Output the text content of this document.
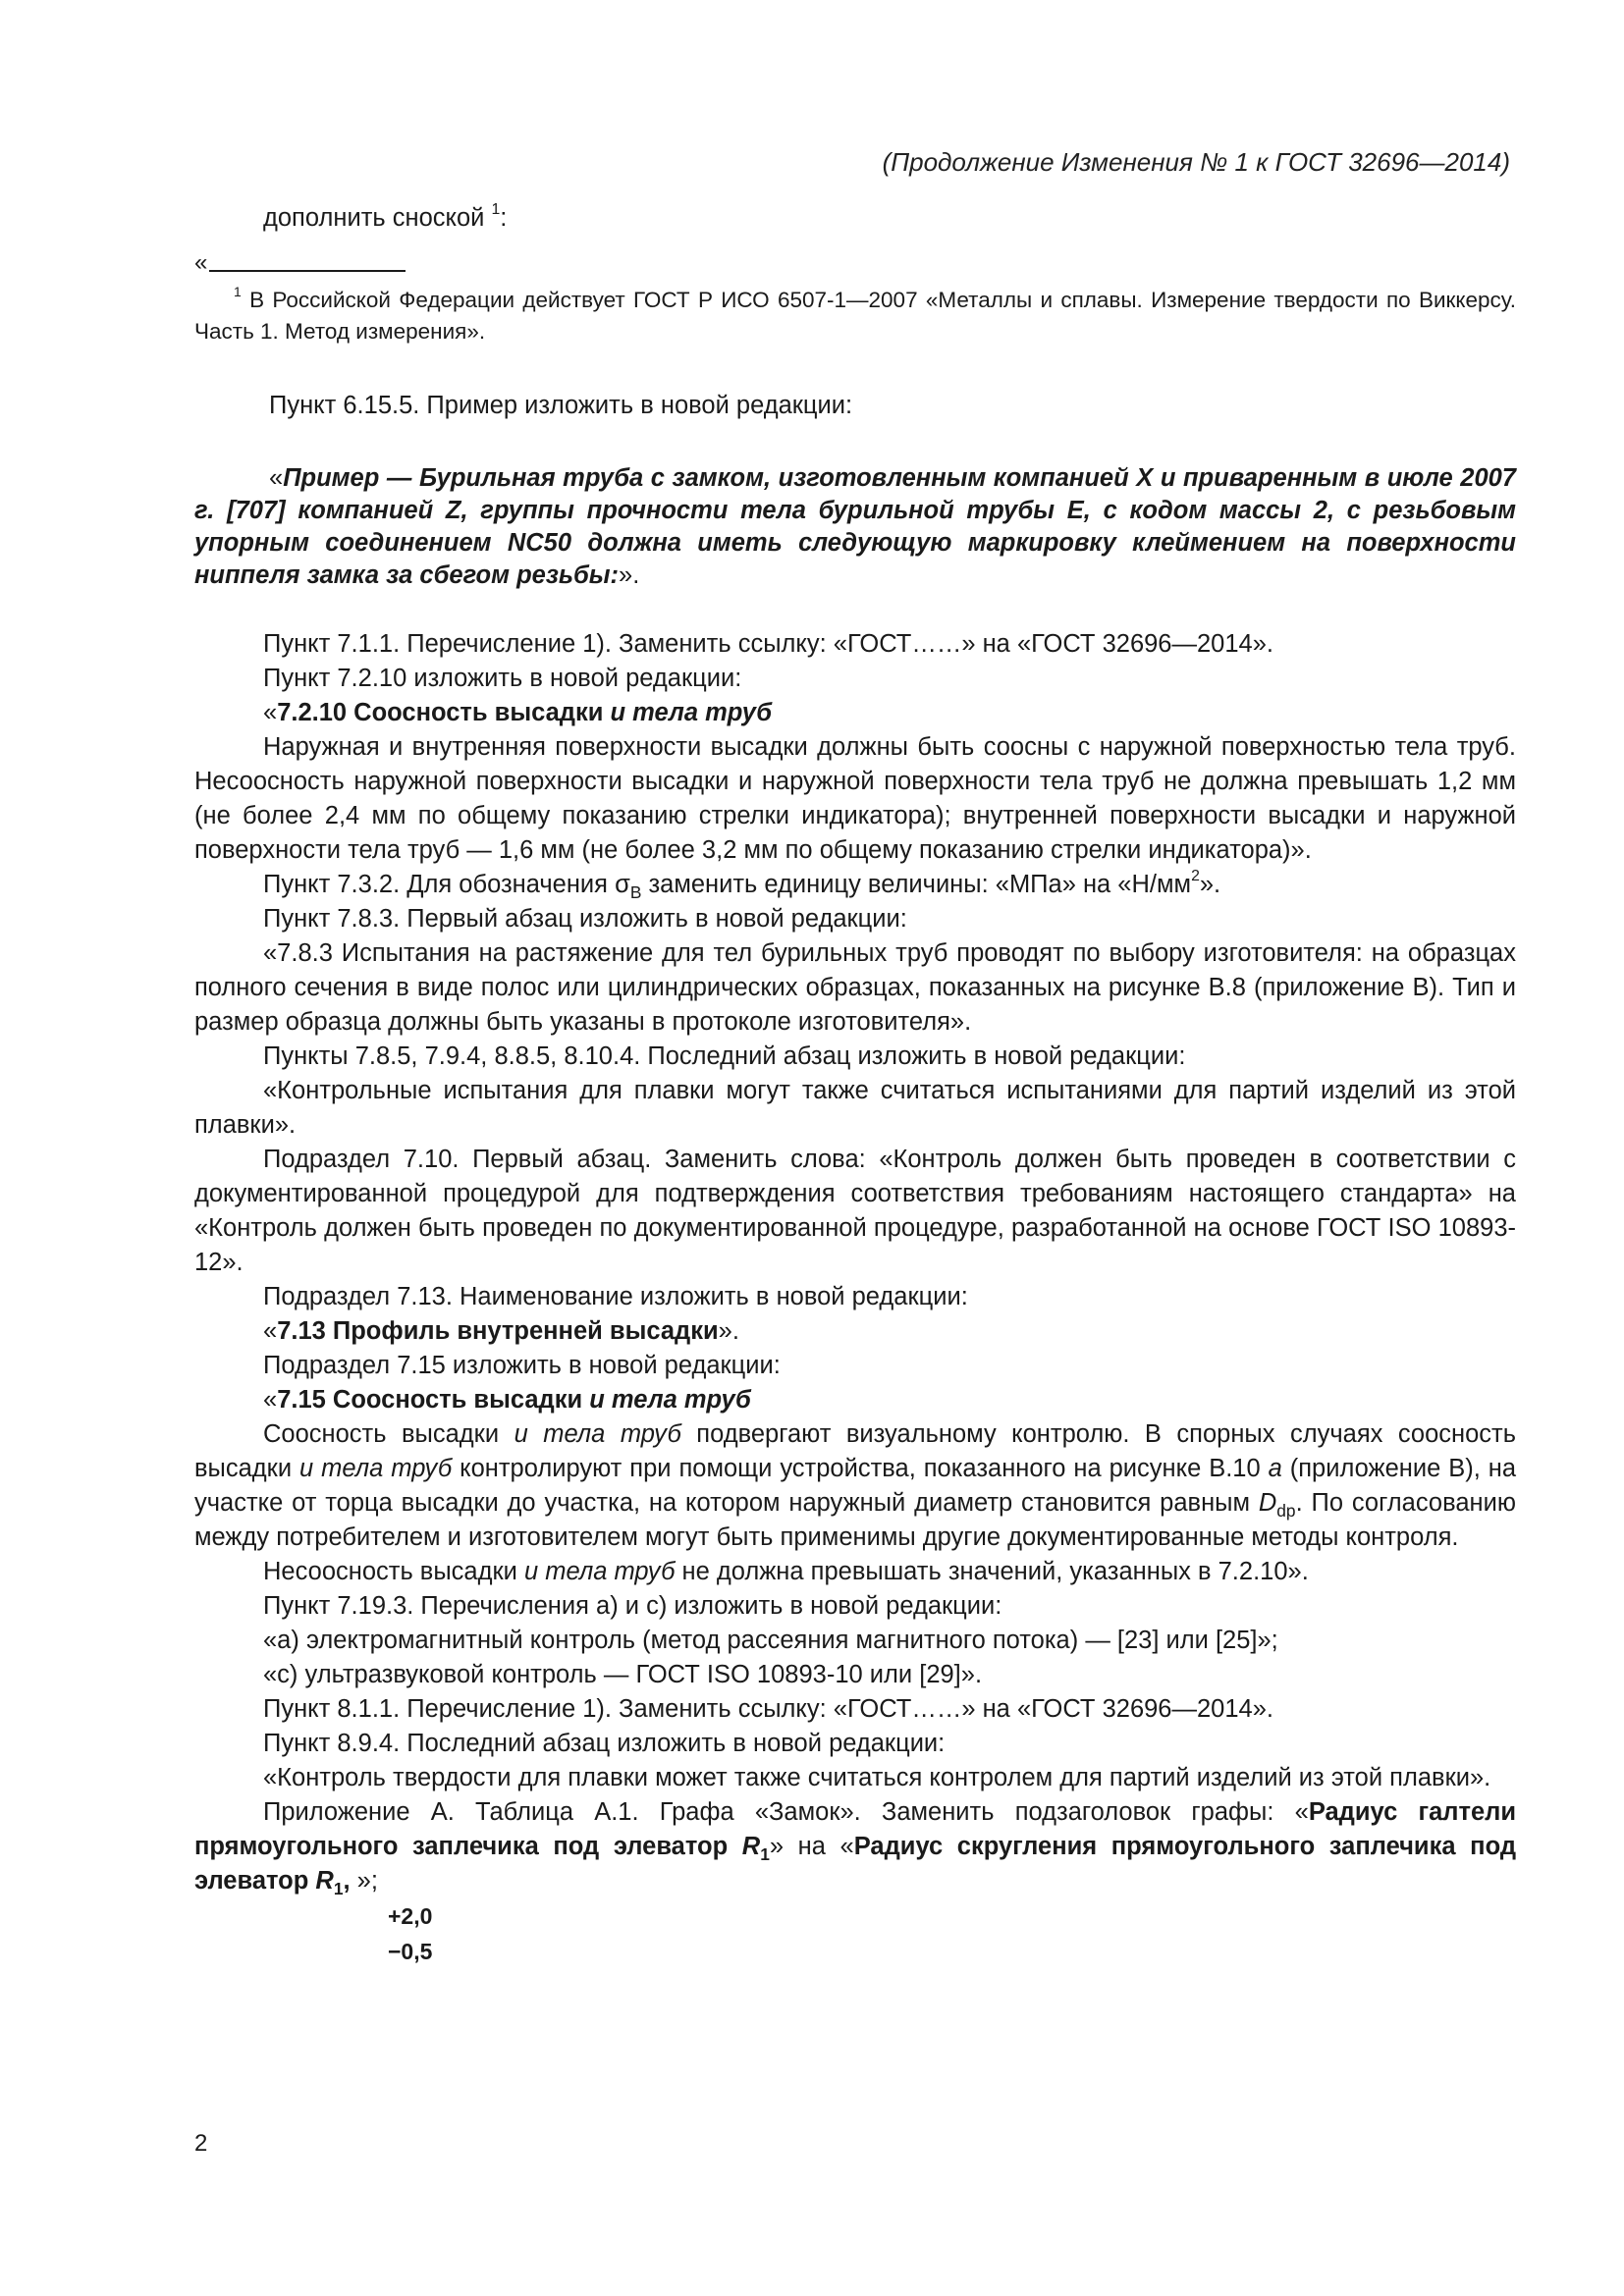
(Продолжение Изменения № 1 к ГОСТ 32696—2014)

дополнить сноской $^1$:

«

$^1$ В Российской Федерации действует ГОСТ Р ИСО 6507-1—2007 «Металлы и сплавы. Измерение твердости по Виккерсу. Часть 1. Метод измерения».

Пункт 6.15.5. Пример изложить в новой редакции:

«Пример — Бурильная труба с замком, изготовленным компанией X и приваренным в июле 2007 г. [707] компанией Z, группы прочности тела бурильной трубы E, с кодом массы 2, с резьбовым упорным соединением NC50 должна иметь следующую маркировку клеймением на поверхности ниппеля замка за сбегом резьбы:».

Пункт 7.1.1. Перечисление 1). Заменить ссылку: «ГОСТ……» на «ГОСТ 32696—2014».

Пункт 7.2.10 изложить в новой редакции:

«7.2.10 Соосность высадки и тела труб

Наружная и внутренняя поверхности высадки должны быть соосны с наружной поверхностью тела труб. Несоосность наружной поверхности высадки и наружной поверхности тела труб не должна превышать 1,2 мм (не более 2,4 мм по общему показанию стрелки индикатора); внутренней поверхности высадки и наружной поверхности тела труб — 1,6 мм (не более 3,2 мм по общему показанию стрелки индикатора)».

Пункт 7.3.2. Для обозначения $\sigma_В$ заменить единицу величины: «МПа» на «$Н/мм^2$».

Пункт 7.8.3. Первый абзац изложить в новой редакции:

«7.8.3 Испытания на растяжение для тел бурильных труб проводят по выбору изготовителя: на образцах полного сечения в виде полос или цилиндрических образцах, показанных на рисунке В.8 (приложение В). Тип и размер образца должны быть указаны в протоколе изготовителя».

Пункты 7.8.5, 7.9.4, 8.8.5, 8.10.4. Последний абзац изложить в новой редакции:

«Контрольные испытания для плавки могут также считаться испытаниями для партий изделий из этой плавки».

Подраздел 7.10. Первый абзац. Заменить слова: «Контроль должен быть проведен в соответствии с документированной процедурой для подтверждения соответствия требованиям настоящего стандарта» на «Контроль должен быть проведен по документированной процедуре, разработанной на основе ГОСТ ISO 10893-12».

Подраздел 7.13. Наименование изложить в новой редакции:

«7.13 Профиль внутренней высадки».

Подраздел 7.15 изложить в новой редакции:

«7.15 Соосность высадки и тела труб

Соосность высадки и тела труб подвергают визуальному контролю. В спорных случаях соосность высадки и тела труб контролируют при помощи устройства, показанного на рисунке В.10 а (приложение В), на участке от торца высадки до участка, на котором наружный диаметр становится равным $D_{dp}$. По согласованию между потребителем и изготовителем могут быть применимы другие документированные методы контроля.

Несоосность высадки и тела труб не должна превышать значений, указанных в 7.2.10».

Пункт 7.19.3. Перечисления а) и с) изложить в новой редакции:

«а) электромагнитный контроль (метод рассеяния магнитного потока) — [23] или [25]»;

«с) ультразвуковой контроль — ГОСТ ISO 10893-10 или [29]».

Пункт 8.1.1. Перечисление 1). Заменить ссылку: «ГОСТ……» на «ГОСТ 32696—2014».

Пункт 8.9.4. Последний абзац изложить в новой редакции:

«Контроль твердости для плавки может также считаться контролем для партий изделий из этой плавки».

Приложение А. Таблица А.1. Графа «Замок». Заменить подзаголовок графы: «Радиус галтели прямоугольного заплечика под элеватор $R_1$» на «Радиус скругления прямоугольного заплечика под элеватор $R_1$, »;

+2,0
−0,5
2
